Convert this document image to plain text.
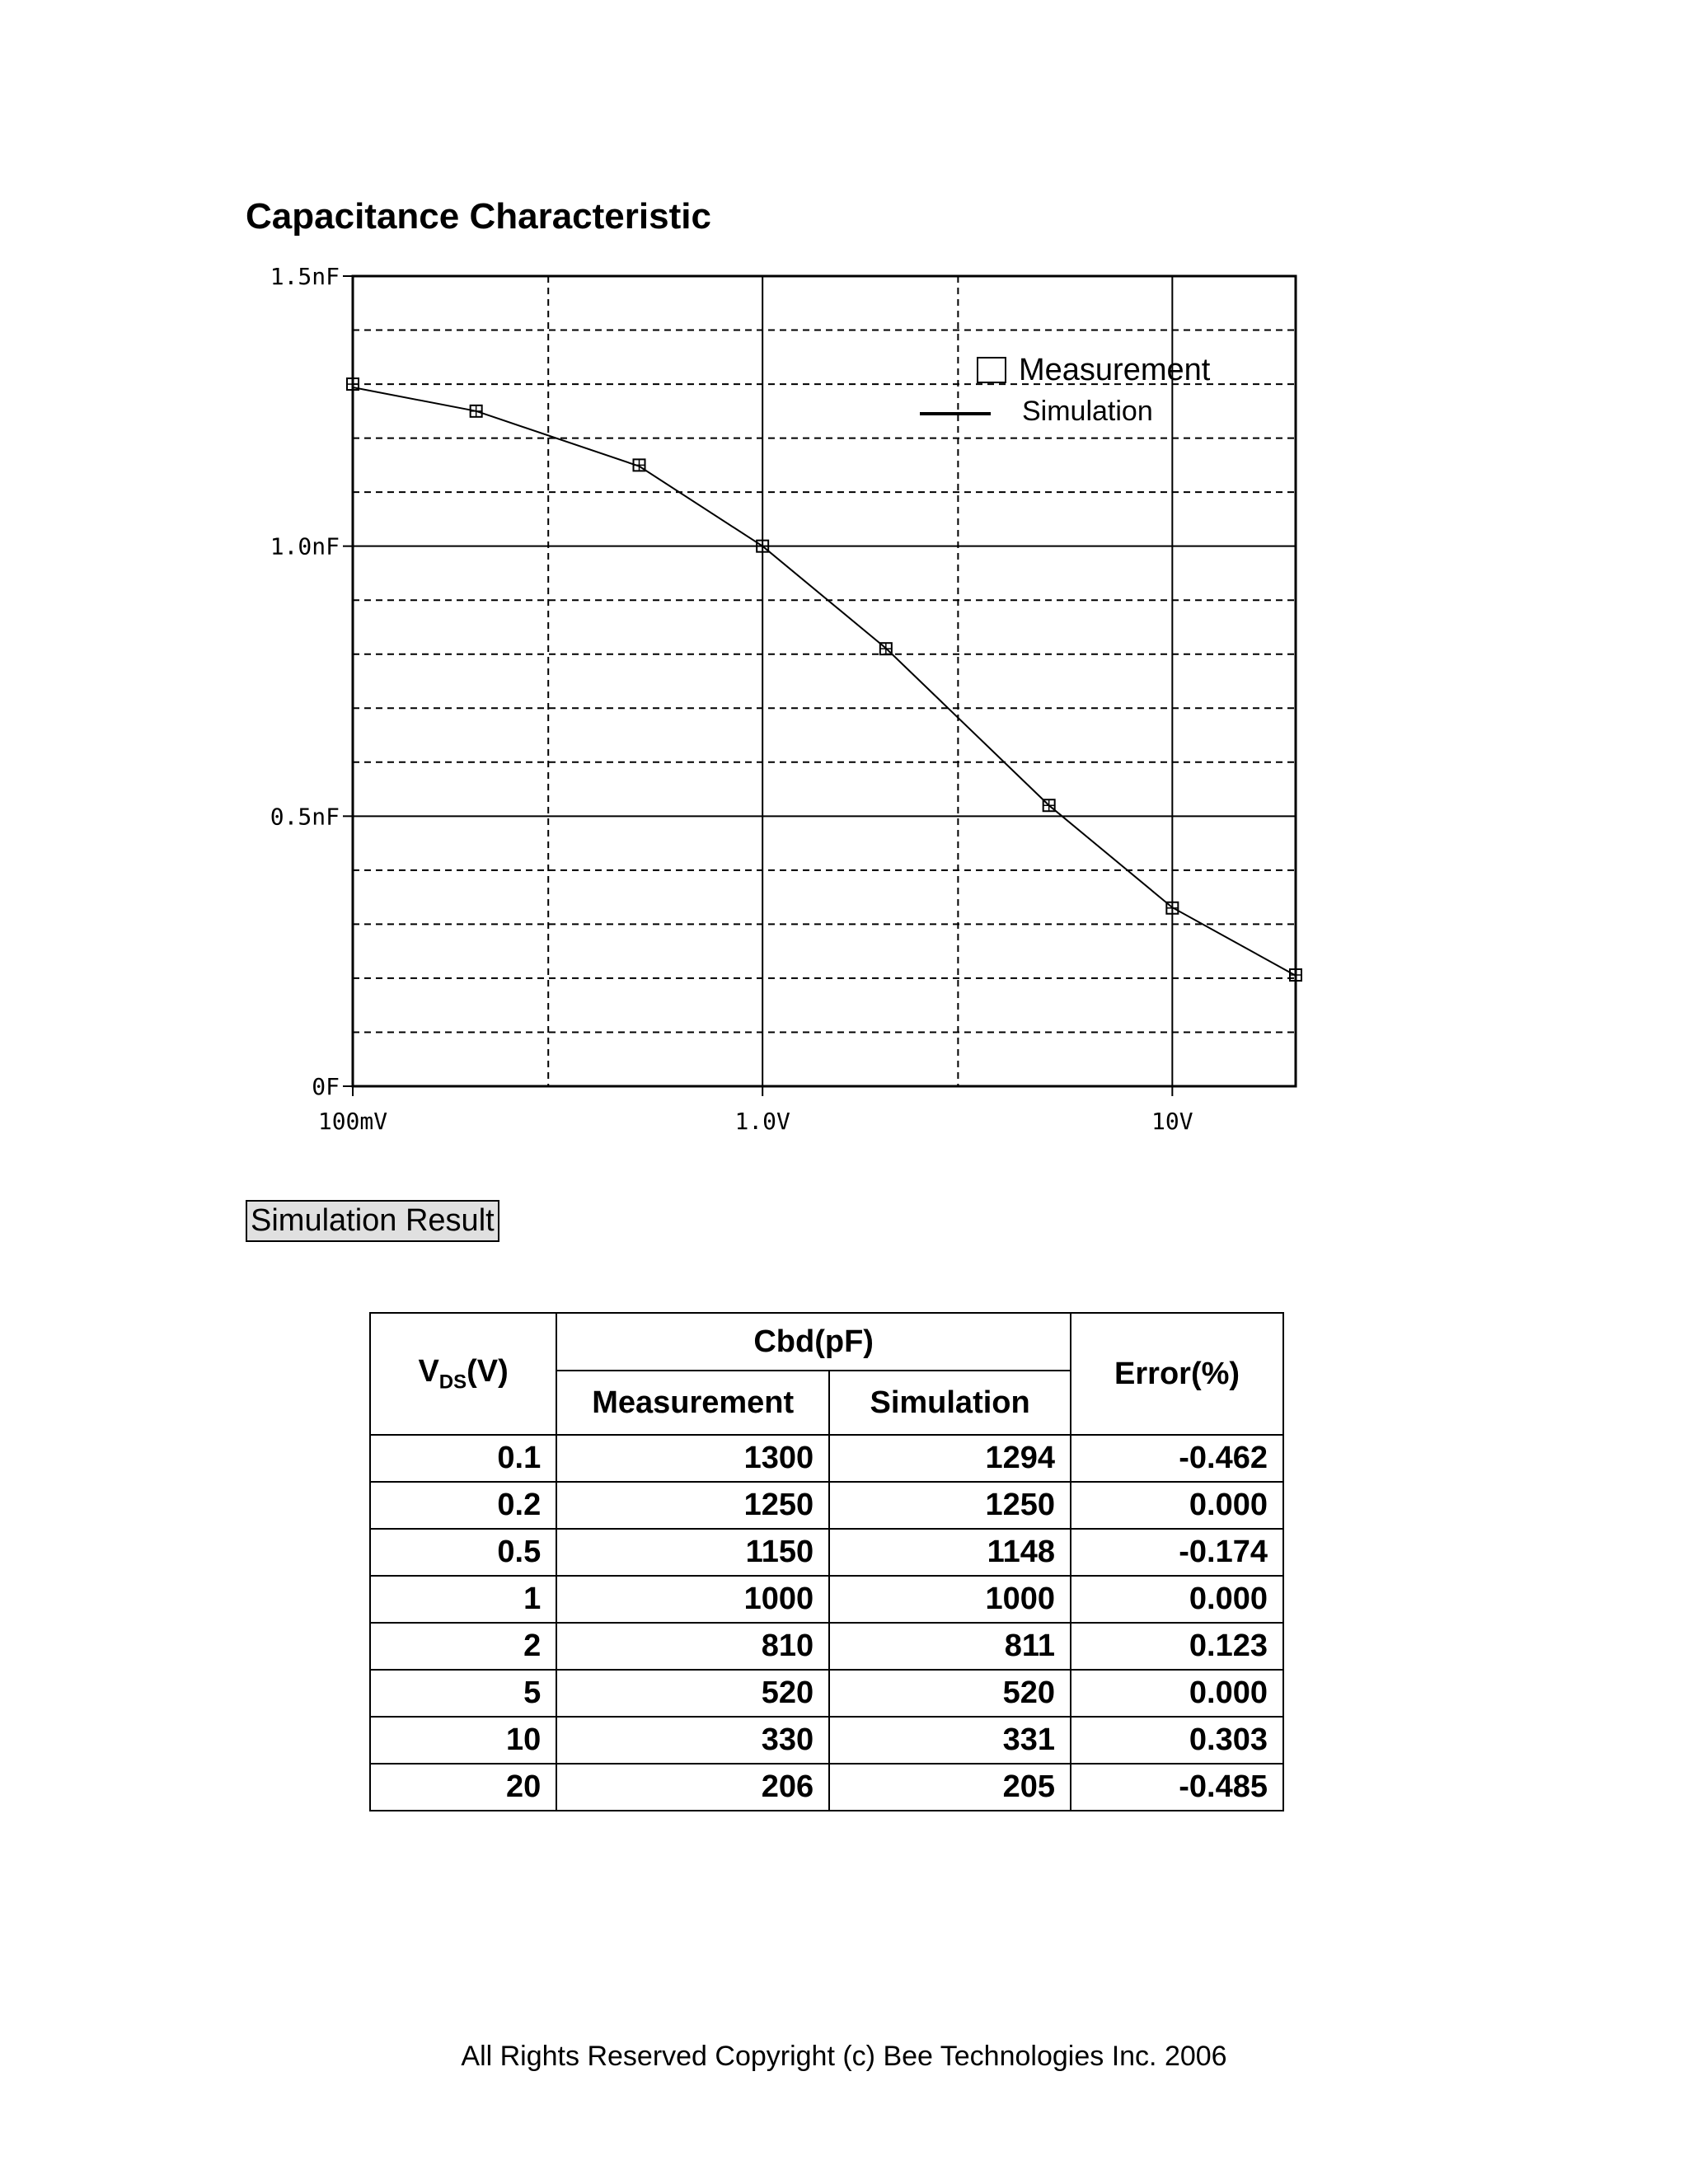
Capacitance Characteristic
0F
0.5nF
1.0nF
1.5nF
100mV	1.0V	10V
Measurement
Simulation
Simulation Result
$V_{DS}(V)$	Cbd(pF)		Error(%)
	Measurement	Simulation	
0.1	1300	1294	-0.462
0.2	1250	1250	0.000
0.5	1150	1148	-0.174
1	1000	1000	0.000
2	810	811	0.123
5	520	520	0.000
10	330	331	0.303
20	206	205	-0.485
All Rights Reserved Copyright (c) Bee Technologies Inc. 2006
